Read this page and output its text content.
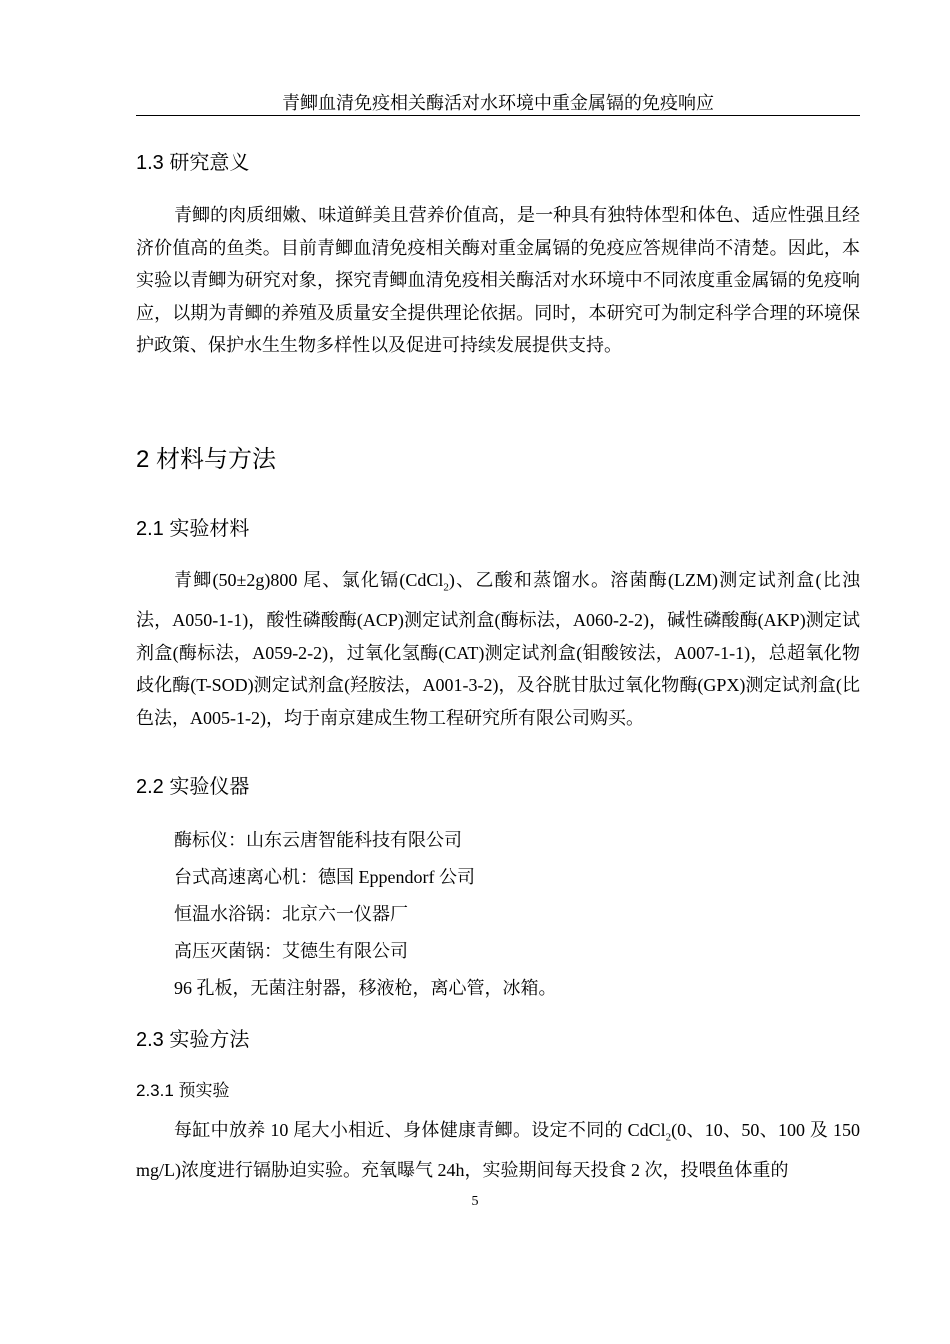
青鲫血清免疫相关酶活对水环境中重金属镉的免疫响应
1.3 研究意义
青鲫的肉质细嫩、味道鲜美且营养价值高，是一种具有独特体型和体色、适应性强且经济价值高的鱼类。目前青鲫血清免疫相关酶对重金属镉的免疫应答规律尚不清楚。因此，本实验以青鲫为研究对象，探究青鲫血清免疫相关酶活对水环境中不同浓度重金属镉的免疫响应，以期为青鲫的养殖及质量安全提供理论依据。同时，本研究可为制定科学合理的环境保护政策、保护水生生物多样性以及促进可持续发展提供支持。
2 材料与方法
2.1 实验材料
青鲫(50±2g)800 尾、氯化镉(CdCl$_2$)、乙酸和蒸馏水。溶菌酶(LZM)测定试剂盒(比浊法，A050-1-1)，酸性磷酸酶(ACP)测定试剂盒(酶标法，A060-2-2)，碱性磷酸酶(AKP)测定试剂盒(酶标法，A059-2-2)，过氧化氢酶(CAT)测定试剂盒(钼酸铵法，A007-1-1)，总超氧化物歧化酶(T-SOD)测定试剂盒(羟胺法，A001-3-2)，及谷胱甘肽过氧化物酶(GPX)测定试剂盒(比色法，A005-1-2)，均于南京建成生物工程研究所有限公司购买。
2.2 实验仪器
酶标仪：山东云唐智能科技有限公司
台式高速离心机：德国 Eppendorf 公司
恒温水浴锅：北京六一仪器厂
高压灭菌锅：艾德生有限公司
96 孔板，无菌注射器，移液枪，离心管，冰箱。
2.3 实验方法
2.3.1 预实验
每缸中放养 10 尾大小相近、身体健康青鲫。设定不同的 CdCl$_2$(0、10、50、100 及 150mg/L)浓度进行镉胁迫实验。充氧曝气 24h，实验期间每天投食 2 次，投喂鱼体重的
5
